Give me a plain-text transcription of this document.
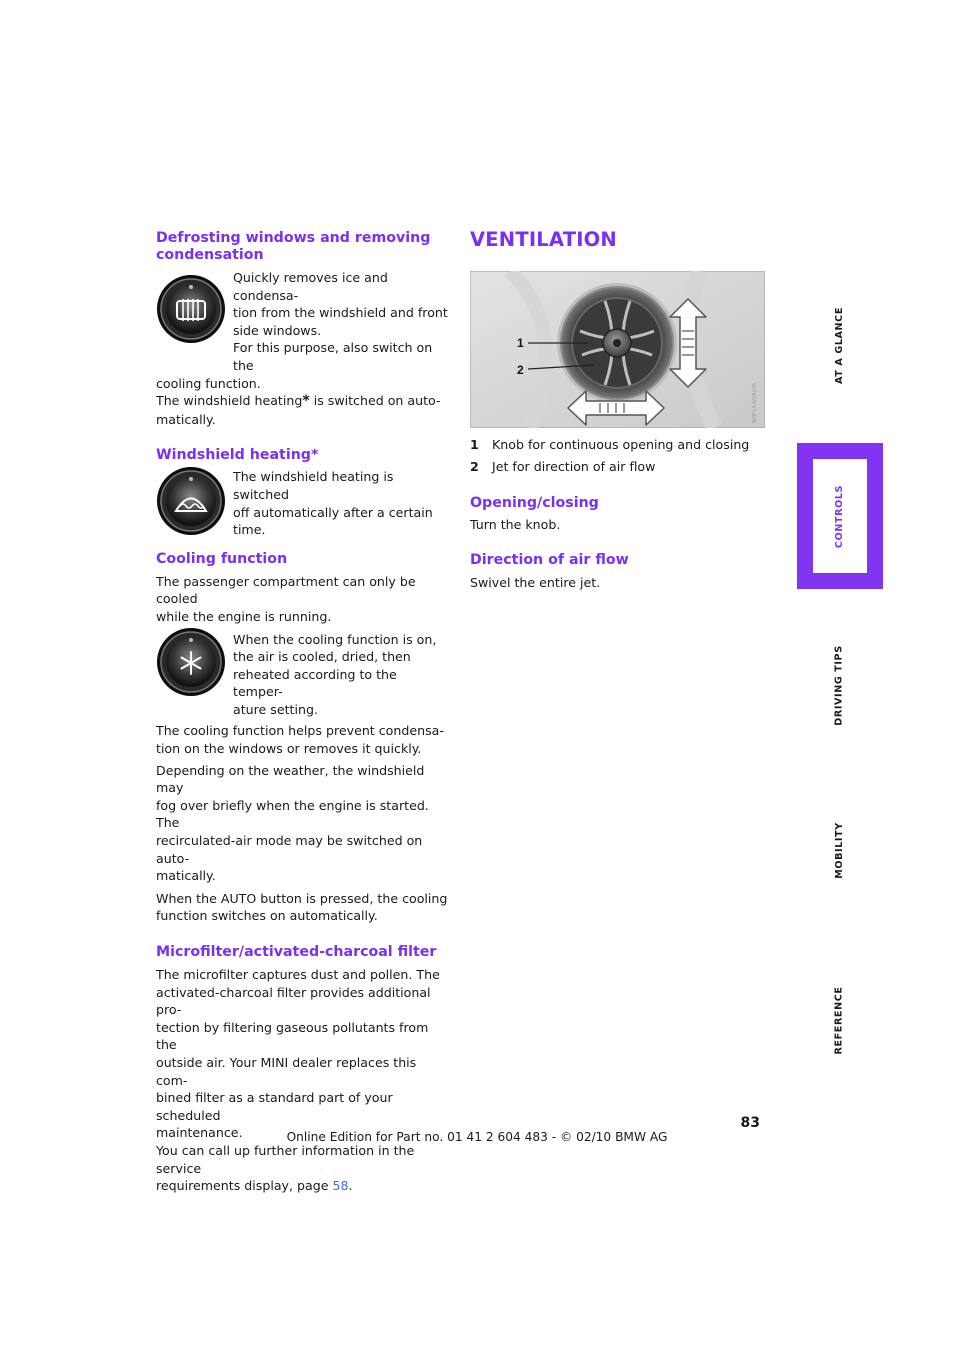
Defrosting windows and removing
condensation

Quickly removes ice and condensa-

tion from the windshield and front

side windows.

For this purpose, also switch on the

cooling function.

The windshield heating* is switched on auto-

matically.

Windshield heating*

The windshield heating is switched

off automatically after a certain

time.

Cooling function

The passenger compartment can only be cooled

while the engine is running.

When the cooling function is on,

the air is cooled, dried, then

reheated according to the temper-

ature setting.

The cooling function helps prevent condensa-

tion on the windows or removes it quickly.

Depending on the weather, the windshield may

fog over briefly when the engine is started. The

recirculated-air mode may be switched on auto-

matically.

When the AUTO button is pressed, the cooling

function switches on automatically.

Microfilter/activated-charcoal filter

The microfilter captures dust and pollen. The

activated-charcoal filter provides additional pro-

tection by filtering gaseous pollutants from the

outside air. Your MINI dealer replaces this com-

bined filter as a standard part of your scheduled

maintenance.

You can call up further information in the service

requirements display, page 58.

VENTILATION
1
2
W0F13.W2B20S
1	Knob for continuous opening and closing
2	Jet for direction of air flow
Opening/closing

Turn the knob.

Direction of air flow

Swivel the entire jet.

AT A GLANCE
CONTROLS
DRIVING TIPS
MOBILITY
REFERENCE
83
Online Edition for Part no. 01 41 2 604 483 - © 02/10 BMW AG
